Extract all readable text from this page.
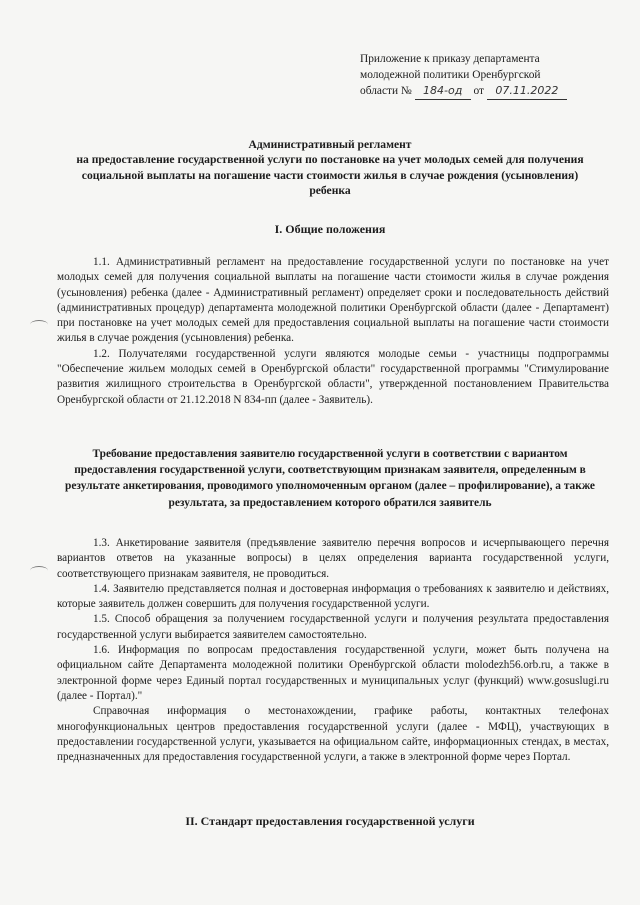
Приложение к приказу департамента
молодежной политики Оренбургской
области № 184-од от 07.11.2022
Административный регламент
на предоставление государственной услуги по постановке на учет молодых семей для получения социальной выплаты на погашение части стоимости жилья в случае рождения (усыновления) ребенка
I. Общие положения

1.1. Административный регламент на предоставление государственной услуги по постановке на учет молодых семей для получения социальной выплаты на погашение части стоимости жилья в случае рождения (усыновления) ребенка (далее - Административный регламент) определяет сроки и последовательность действий (административных процедур) департамента молодежной политики Оренбургской области (далее - Департамент) при постановке на учет молодых семей для предоставления социальной выплаты на погашение части стоимости жилья в случае рождения (усыновления) ребенка.

1.2. Получателями государственной услуги являются молодые семьи - участницы подпрограммы "Обеспечение жильем молодых семей в Оренбургской области" государственной программы "Стимулирование развития жилищного строительства в Оренбургской области", утвержденной постановлением Правительства Оренбургской области от 21.12.2018 N 834-пп (далее - Заявитель).

Требование предоставления заявителю государственной услуги в соответствии с вариантом предоставления государственной услуги, соответствующим признакам заявителя, определенным в результате анкетирования, проводимого уполномоченным органом (далее – профилирование), а также результата, за предоставлением которого обратился заявитель

1.3. Анкетирование заявителя (предъявление заявителю перечня вопросов и исчерпывающего перечня вариантов ответов на указанные вопросы) в целях определения варианта государственной услуги, соответствующего признакам заявителя, не проводиться.

1.4. Заявителю представляется полная и достоверная информация о требованиях к заявителю и действиях, которые заявитель должен совершить для получения государственной услуги.

1.5. Способ обращения за получением государственной услуги и получения результата предоставления государственной услуги выбирается заявителем самостоятельно.

1.6. Информация по вопросам предоставления государственной услуги, может быть получена на официальном сайте Департамента молодежной политики Оренбургской области molodezh56.orb.ru, а также в электронной форме через Единый портал государственных и муниципальных услуг (функций) www.gosuslugi.ru (далее - Портал)."

Справочная информация о местонахождении, графике работы, контактных телефонах многофункциональных центров предоставления государственной услуги (далее - МФЦ), участвующих в предоставлении государственной услуги, указывается на официальном сайте, информационных стендах, в местах, предназначенных для предоставления государственной услуги, а также в электронной форме через Портал.

II. Стандарт предоставления государственной услуги
